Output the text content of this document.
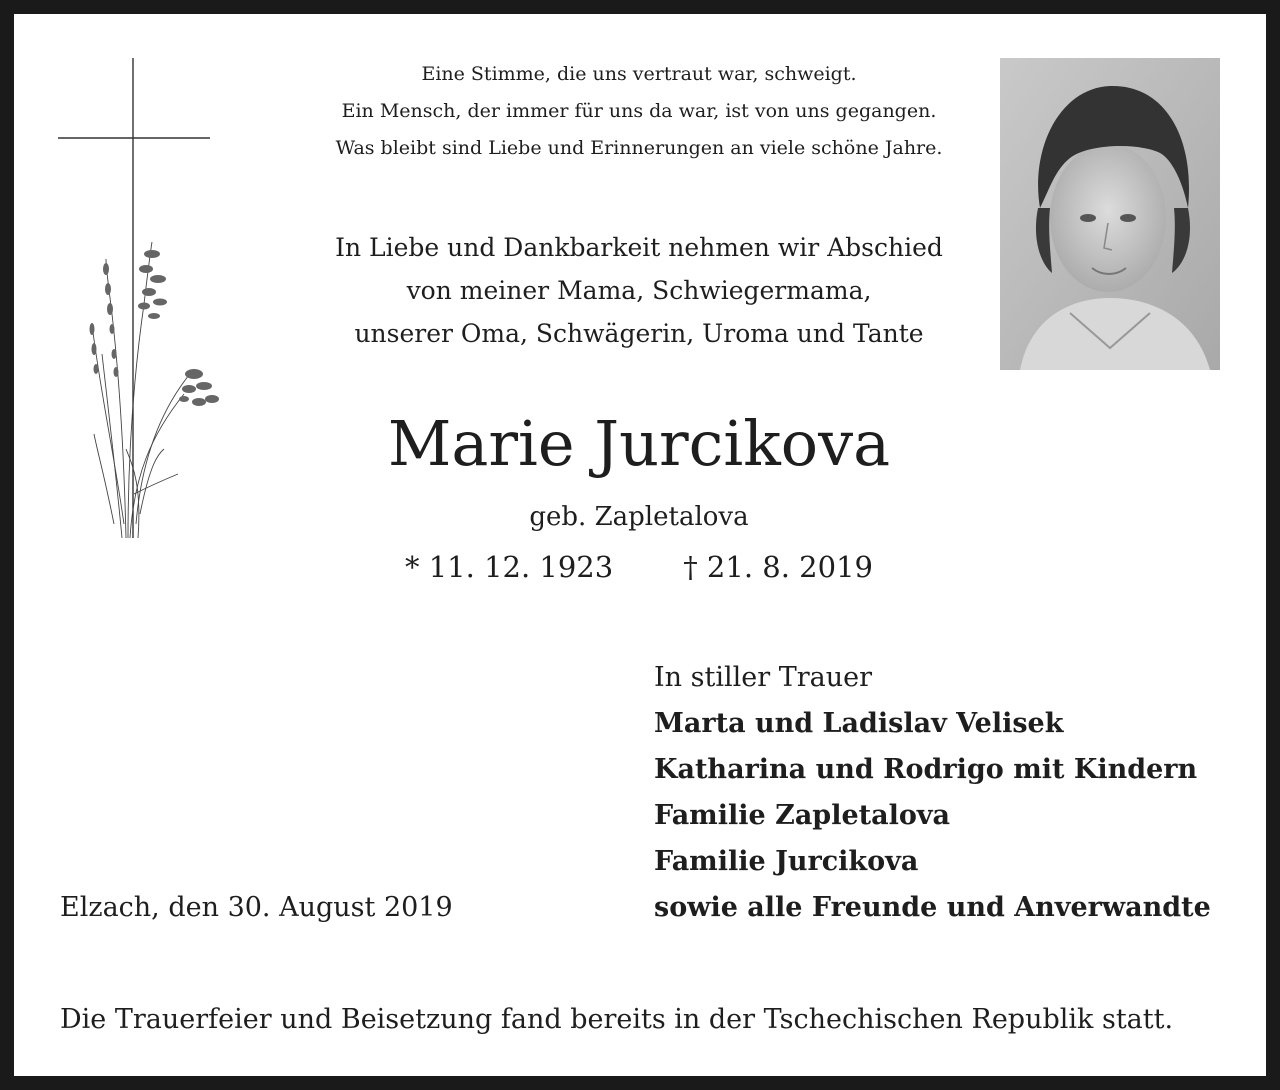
Eine Stimme, die uns vertraut war, schweigt.
Ein Mensch, der immer für uns da war, ist von uns gegangen.
Was bleibt sind Liebe und Erinnerungen an viele schöne Jahre.
In Liebe und Dankbarkeit nehmen wir Abschied
von meiner Mama, Schwiegermama,
unserer Oma, Schwägerin, Uroma und Tante
Marie Jurcikova
geb. Zapletalova
* 11. 12. 1923 † 21. 8. 2019
In stiller Trauer
Marta und Ladislav Velisek
Katharina und Rodrigo mit Kindern
Familie Zapletalova
Familie Jurcikova
sowie alle Freunde und Anverwandte
Elzach, den 30. August 2019
Die Trauerfeier und Beisetzung fand bereits in der Tschechischen Republik statt.
